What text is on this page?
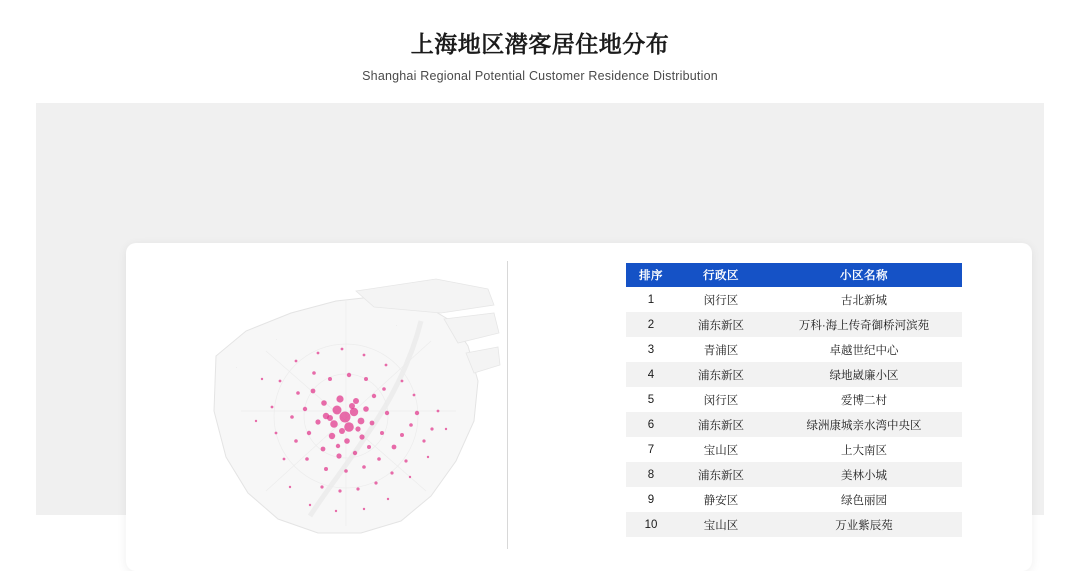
上海地区潜客居住地分布
Shanghai Regional Potential Customer Residence Distribution
·
·
·
排序	行政区	小区名称
1	闵行区	古北新城
2	浦东新区	万科·海上传奇御桥河滨苑
3	青浦区	卓越世纪中心
4	浦东新区	绿地崴廉小区
5	闵行区	爱博二村
6	浦东新区	绿洲康城亲水湾中央区
7	宝山区	上大南区
8	浦东新区	美林小城
9	静安区	绿色丽园
10	宝山区	万业紫辰苑
